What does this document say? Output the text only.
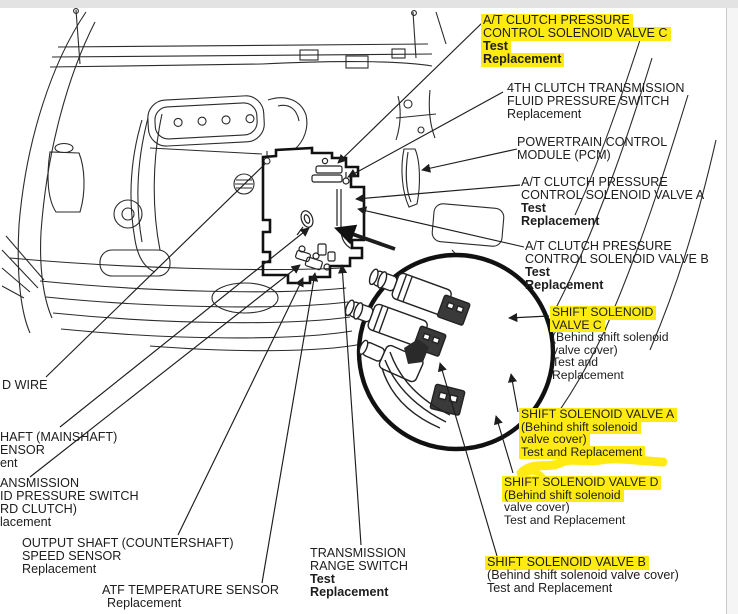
A/T CLUTCH PRESSURE
CONTROL SOLENOID VALVE C
Test
Replacement
4TH CLUTCH TRANSMISSION
FLUID PRESSURE SWITCH
Replacement
POWERTRAIN CONTROL
MODULE (PCM)
A/T CLUTCH PRESSURE
CONTROL SOLENOID VALVE A
Test
Replacement
A/T CLUTCH PRESSURE
CONTROL SOLENOID VALVE B
Test
Replacement
SHIFT SOLENOID
VALVE C
(Behind shift solenoid
valve cover)
Test and
Replacement
SHIFT SOLENOID VALVE A
(Behind shift solenoid
valve cover)
Test and Replacement
SHIFT SOLENOID VALVE D
(Behind shift solenoid
valve cover)
Test and Replacement
SHIFT SOLENOID VALVE B
(Behind shift solenoid valve cover)
Test and Replacement
TRANSMISSION
RANGE SWITCH
Test
Replacement
OUTPUT SHAFT (COUNTERSHAFT)
SPEED SENSOR
Replacement
ATF TEMPERATURE SENSOR
Replacement
D WIRE
HAFT (MAINSHAFT)
ENSOR
ent
ANSMISSION
ID PRESSURE SWITCH
RD CLUTCH)
lacement
